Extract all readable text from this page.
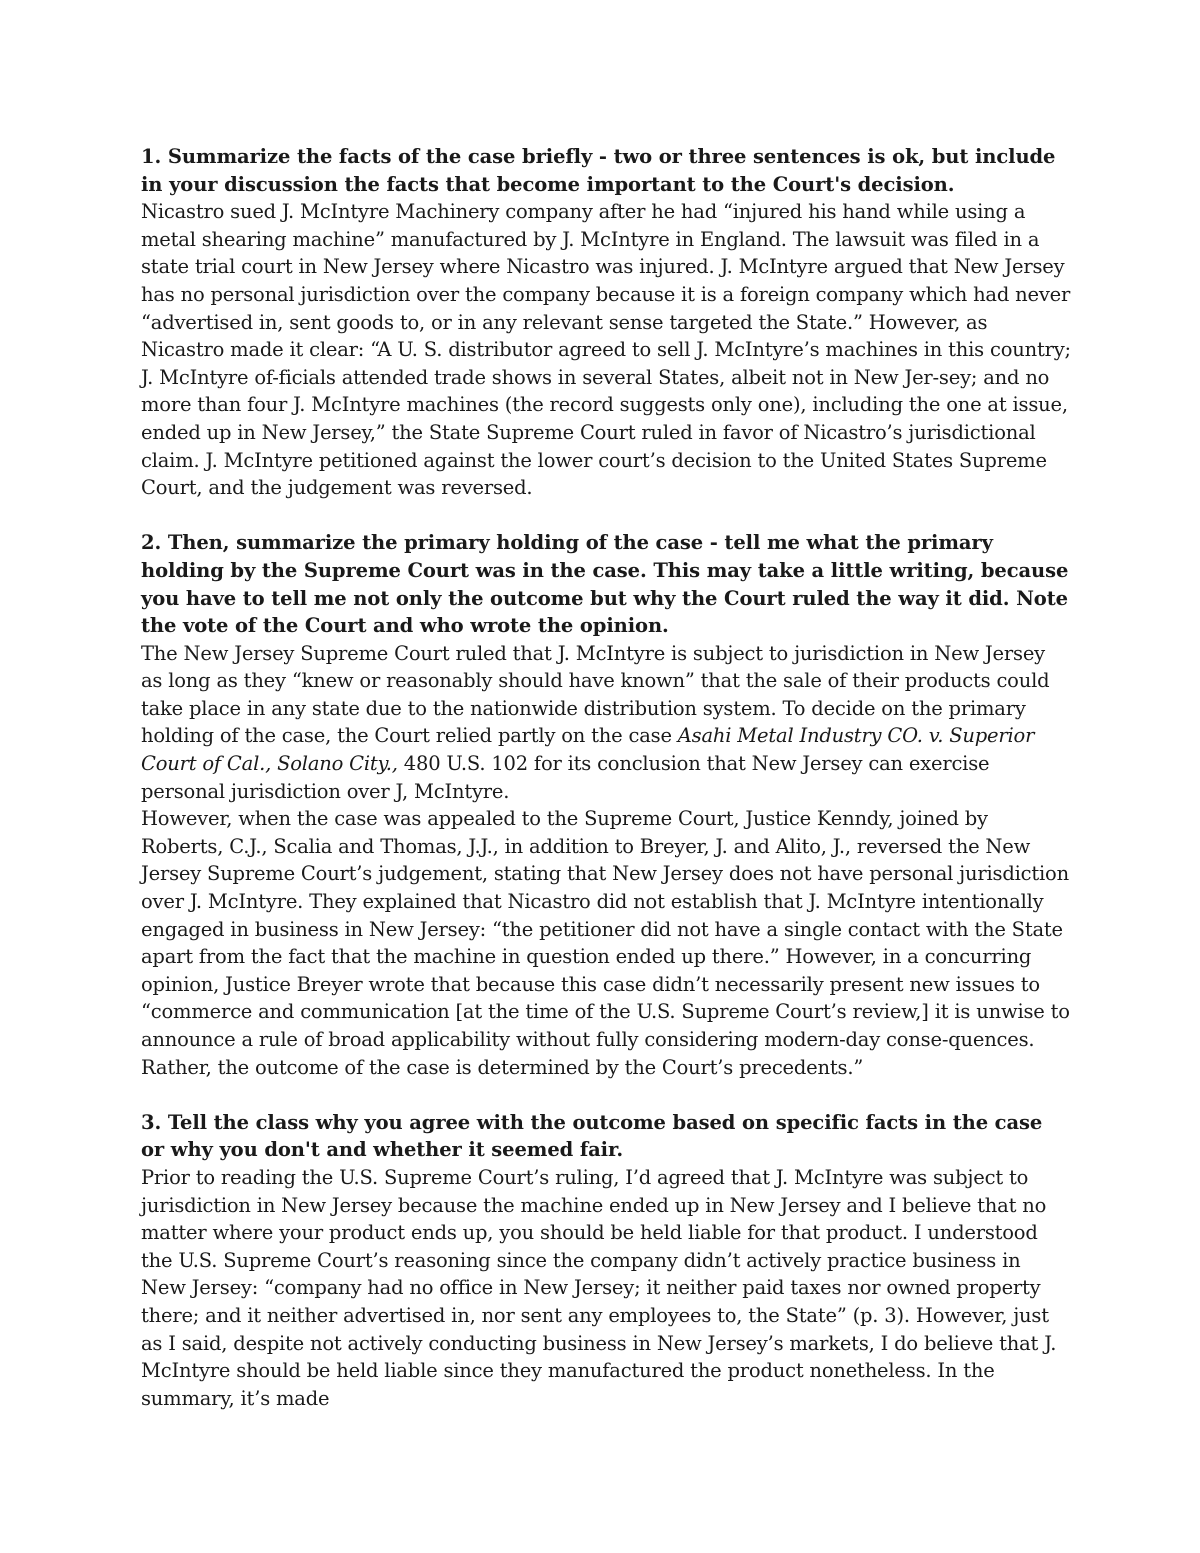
1. Summarize the facts of the case briefly - two or three sentences is ok, but include in your discussion the facts that become important to the Court's decision.

Nicastro sued J. McIntyre Machinery company after he had “injured his hand while using a metal shearing machine” manufactured by J. McIntyre in England. The lawsuit was filed in a state trial court in New Jersey where Nicastro was injured. J. McIntyre argued that New Jersey has no personal jurisdiction over the company because it is a foreign company which had never “advertised in, sent goods to, or in any relevant sense targeted the State.” However, as Nicastro made it clear: “A U. S. distributor agreed to sell J. McIntyre’s machines in this country; J. McIntyre of-ficials attended trade shows in several States, albeit not in New Jer-sey; and no more than four J. McIntyre machines (the record suggests only one), including the one at issue, ended up in New Jersey,” the State Supreme Court ruled in favor of Nicastro’s jurisdictional claim. J. McIntyre petitioned against the lower court’s decision to the United States Supreme Court, and the judgement was reversed.

2. Then, summarize the primary holding of the case - tell me what the primary holding by the Supreme Court was in the case. This may take a little writing, because you have to tell me not only the outcome but why the Court ruled the way it did. Note the vote of the Court and who wrote the opinion.

The New Jersey Supreme Court ruled that J. McIntyre is subject to jurisdiction in New Jersey as long as they “knew or reasonably should have known” that the sale of their products could take place in any state due to the nationwide distribution system. To decide on the primary holding of the case, the Court relied partly on the case Asahi Metal Industry CO. v. Superior Court of Cal., Solano City., 480 U.S. 102 for its conclusion that New Jersey can exercise personal jurisdiction over J, McIntyre.

However, when the case was appealed to the Supreme Court, Justice Kenndy, joined by Roberts, C.J., Scalia and Thomas, J.J., in addition to Breyer, J. and Alito, J., reversed the New Jersey Supreme Court’s judgement, stating that New Jersey does not have personal jurisdiction over J. McIntyre. They explained that Nicastro did not establish that J. McIntyre intentionally engaged in business in New Jersey: “the petitioner did not have a single contact with the State apart from the fact that the machine in question ended up there.” However, in a concurring opinion, Justice Breyer wrote that because this case didn’t necessarily present new issues to “commerce and communication [at the time of the U.S. Supreme Court’s review,] it is unwise to announce a rule of broad applicability without fully considering modern-day conse-quences. Rather, the outcome of the case is determined by the Court’s precedents.”

3. Tell the class why you agree with the outcome based on specific facts in the case or why you don't and whether it seemed fair.

Prior to reading the U.S. Supreme Court’s ruling, I’d agreed that J. McIntyre was subject to jurisdiction in New Jersey because the machine ended up in New Jersey and I believe that no matter where your product ends up, you should be held liable for that product. I understood the U.S. Supreme Court’s reasoning since the company didn’t actively practice business in New Jersey: “company had no office in New Jersey; it neither paid taxes nor owned property there; and it neither advertised in, nor sent any employees to, the State” (p. 3). However, just as I said, despite not actively conducting business in New Jersey’s markets, I do believe that J. McIntyre should be held liable since they manufactured the product nonetheless. In the summary, it’s made
